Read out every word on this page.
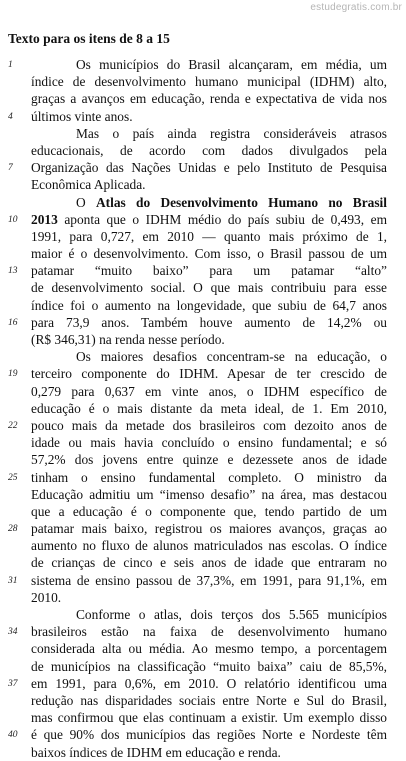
estudegratis.com.br
Texto para os itens de 8 a 15
1	Os municípios do Brasil alcançaram, em média, um
índice de desenvolvimento humano municipal (IDHM) alto,
graças a avanços em educação, renda e expectativa de vida nos
4 últimos vinte anos.
Mas o país ainda registra consideráveis atrasos
educacionais, de acordo com dados divulgados pela
7 Organização das Nações Unidas e pelo Instituto de Pesquisa
Econômica Aplicada.
O Atlas do Desenvolvimento Humano no Brasil
10 2013 aponta que o IDHM médio do país subiu de 0,493, em
1991, para 0,727, em 2010 — quanto mais próximo de 1,
maior é o desenvolvimento. Com isso, o Brasil passou de um
13 patamar “muito baixo” para um patamar “alto”
de desenvolvimento social. O que mais contribuiu para esse
índice foi o aumento na longevidade, que subiu de 64,7 anos
16 para 73,9 anos. Também houve aumento de 14,2% ou
(R$ 346,31) na renda nesse período.
Os maiores desafios concentram-se na educação, o
19 terceiro componente do IDHM. Apesar de ter crescido de
0,279 para 0,637 em vinte anos, o IDHM específico de
educação é o mais distante da meta ideal, de 1. Em 2010,
22 pouco mais da metade dos brasileiros com dezoito anos de
idade ou mais havia concluído o ensino fundamental; e só
57,2% dos jovens entre quinze e dezessete anos de idade
25 tinham o ensino fundamental completo. O ministro da
Educação admitiu um “imenso desafio” na área, mas destacou
que a educação é o componente que, tendo partido de um
28 patamar mais baixo, registrou os maiores avanços, graças ao
aumento no fluxo de alunos matriculados nas escolas. O índice
de crianças de cinco e seis anos de idade que entraram no
31 sistema de ensino passou de 37,3%, em 1991, para 91,1%, em
2010.
Conforme o atlas, dois terços dos 5.565 municípios
34 brasileiros estão na faixa de desenvolvimento humano
considerada alta ou média. Ao mesmo tempo, a porcentagem
de municípios na classificação “muito baixa” caiu de 85,5%,
37 em 1991, para 0,6%, em 2010. O relatório identificou uma
redução nas disparidades sociais entre Norte e Sul do Brasil,
mas confirmou que elas continuam a existir. Um exemplo disso
40 é que 90% dos municípios das regiões Norte e Nordeste têm
baixos índices de IDHM em educação e renda.
